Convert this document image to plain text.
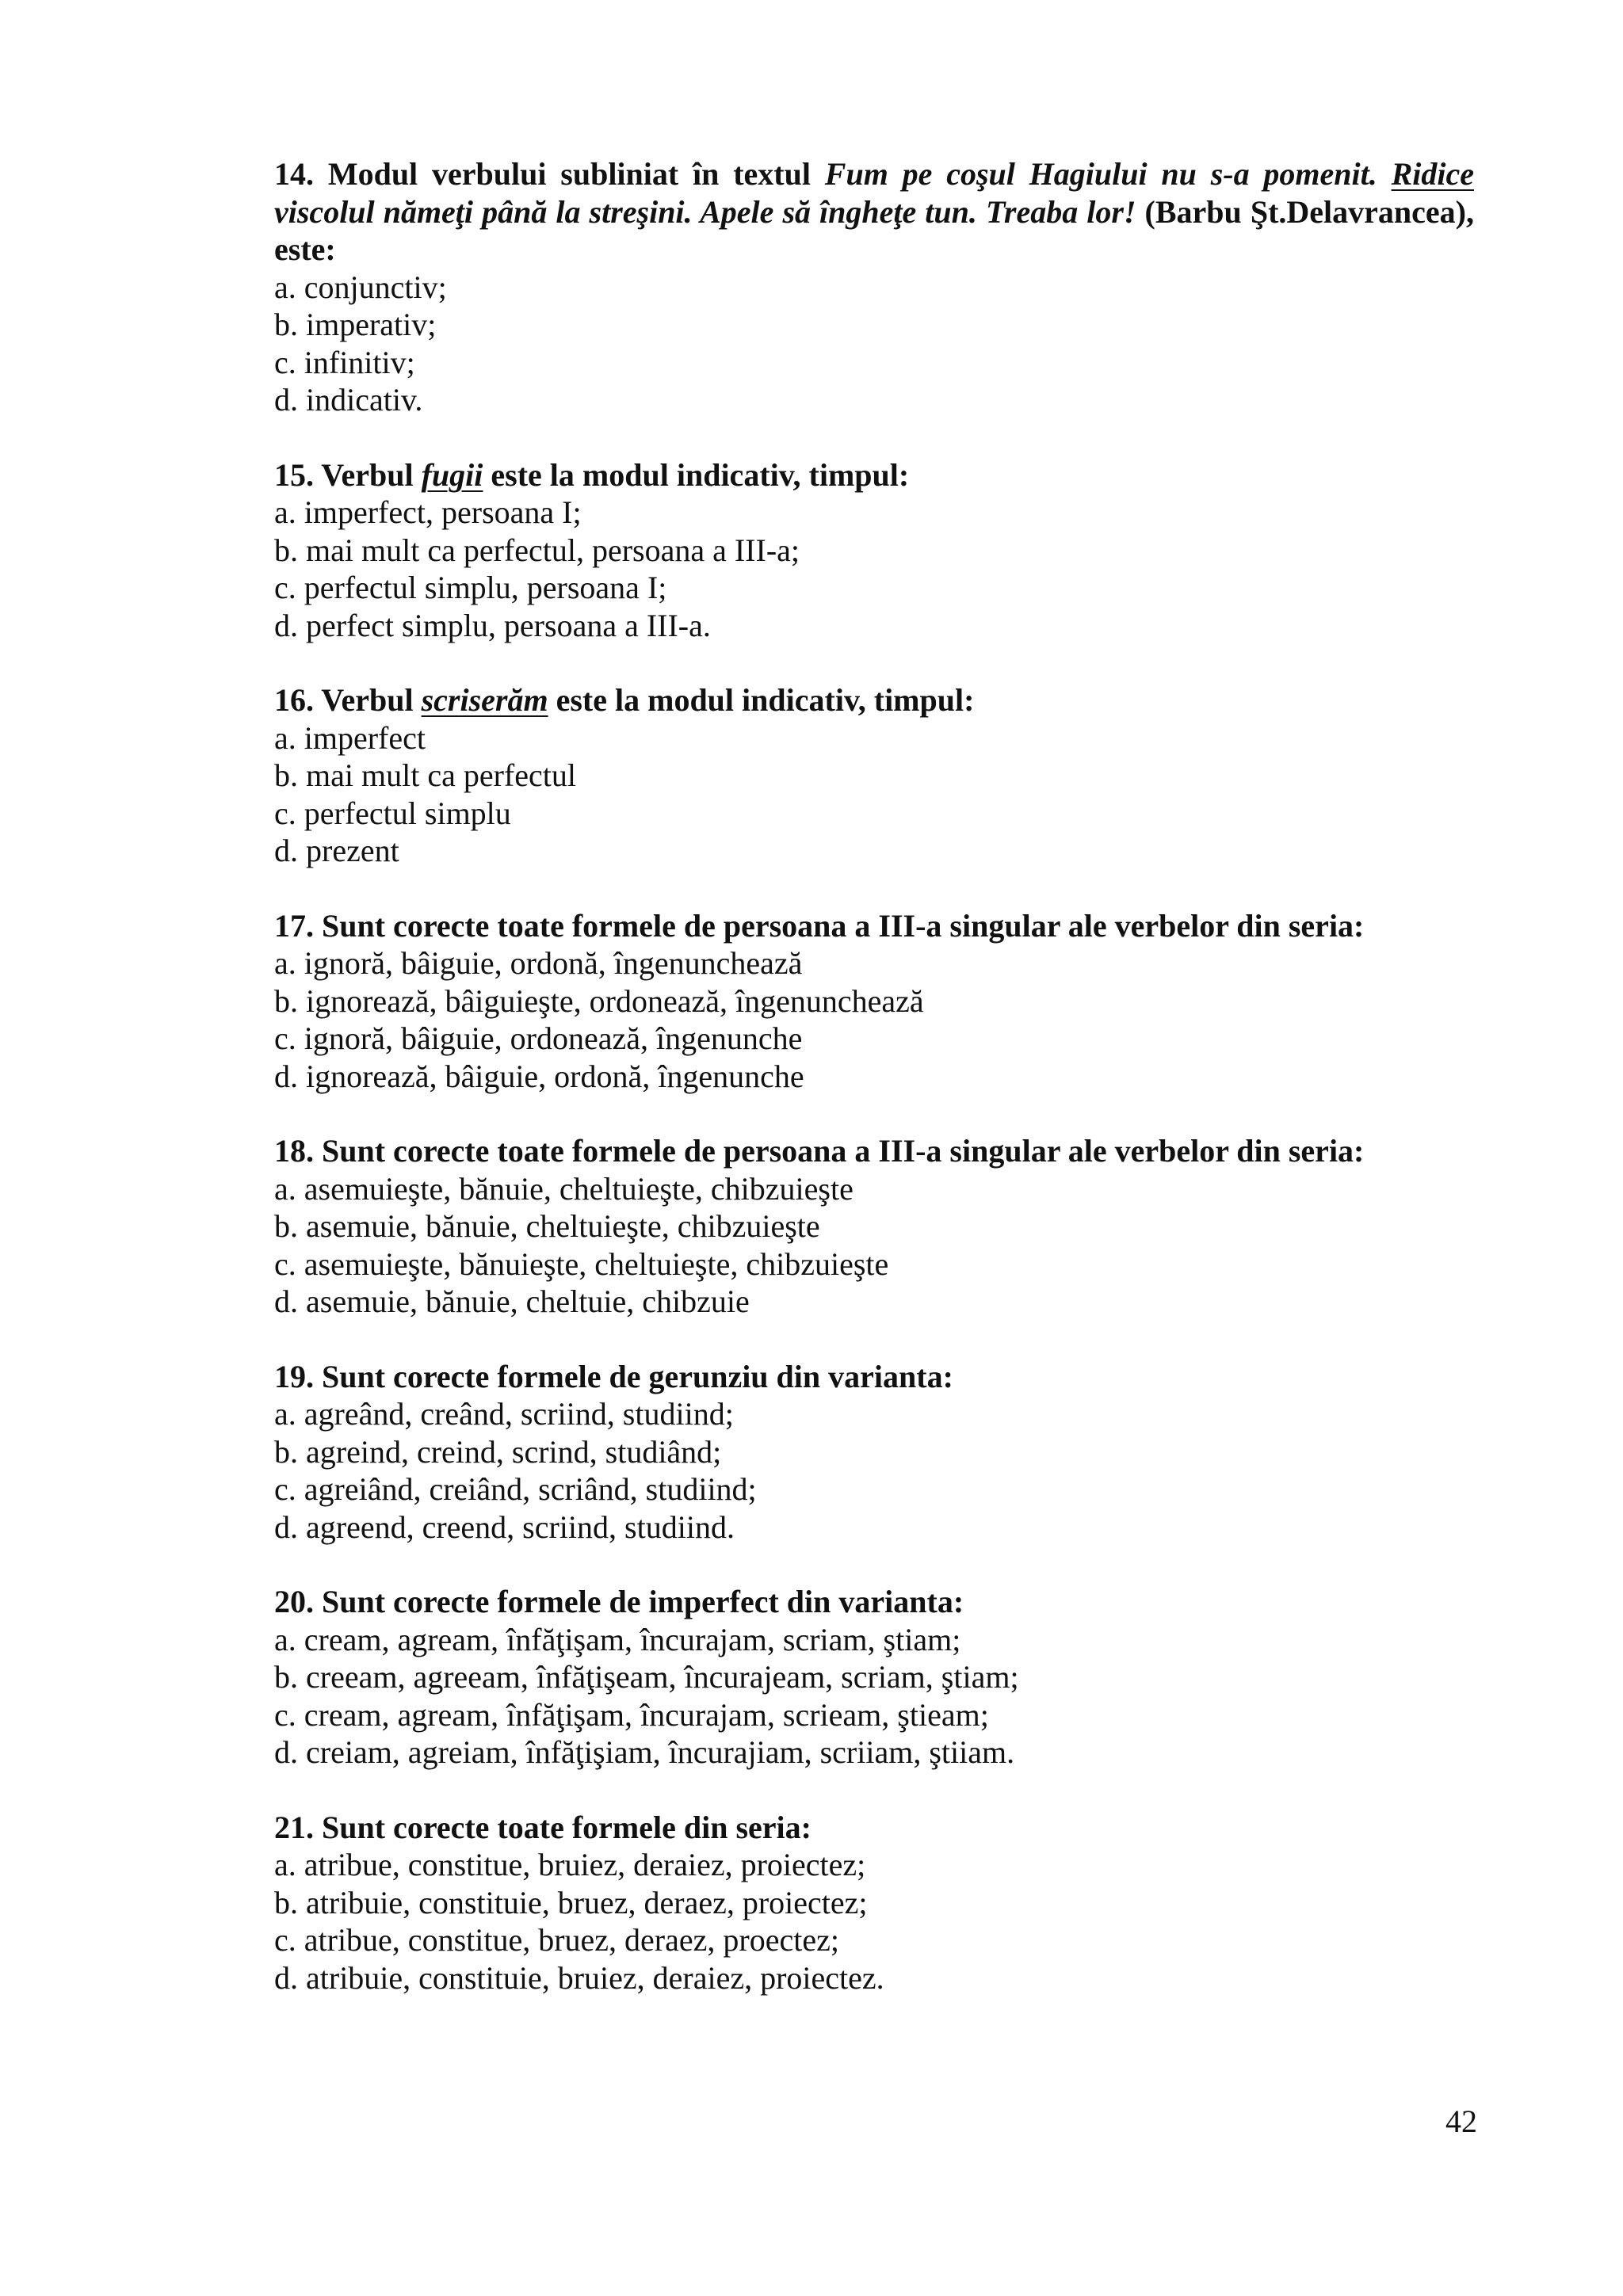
14. Modul verbului subliniat în textul Fum pe coşul Hagiului nu s-a pomenit. Ridice viscolul nămeţi până la streşini. Apele să îngheţe tun. Treaba lor! (Barbu Şt.Delavrancea), este:
a. conjunctiv;
b. imperativ;
c. infinitiv;
d. indicativ.
15. Verbul fugii este la modul indicativ, timpul:
a. imperfect, persoana I;
b. mai mult ca perfectul, persoana a III-a;
c. perfectul simplu, persoana I;
d. perfect simplu, persoana a III-a.
16. Verbul scriserăm este la modul indicativ, timpul:
a. imperfect
b. mai mult ca perfectul
c. perfectul simplu
d. prezent
17. Sunt corecte toate formele de persoana a III-a singular ale verbelor din seria:
a. ignoră, bâiguie, ordonă, îngenunchează
b. ignorează, bâiguieşte, ordonează, îngenunchează
c. ignoră, bâiguie, ordonează, îngenunche
d. ignorează, bâiguie, ordonă, îngenunche
18. Sunt corecte toate formele de persoana a III-a singular ale verbelor din seria:
a. asemuieşte, bănuie, cheltuieşte, chibzuieşte
b. asemuie, bănuie, cheltuieşte, chibzuieşte
c. asemuieşte, bănuieşte, cheltuieşte, chibzuieşte
d. asemuie, bănuie, cheltuie, chibzuie
19. Sunt corecte formele de gerunziu din varianta:
a. agreând, creând, scriind, studiind;
b. agreind, creind, scrind, studiând;
c. agreiând, creiând, scriând, studiind;
d. agreend, creend, scriind, studiind.
20. Sunt corecte formele de imperfect din varianta:
a. cream, agream, înfăţişam, încurajam, scriam, ştiam;
b. creeam, agreeam, înfăţişeam, încurajeam, scriam, ştiam;
c. cream, agream, înfăţişam, încurajam, scrieam, ştieam;
d. creiam, agreiam, înfăţişiam, încurajiam, scriiam, ştiiam.
21. Sunt corecte toate formele din seria:
a. atribue, constitue, bruiez, deraiez, proiectez;
b. atribuie, constituie, bruez, deraez, proiectez;
c. atribue, constitue, bruez, deraez, proectez;
d. atribuie, constituie, bruiez, deraiez, proiectez.
42
